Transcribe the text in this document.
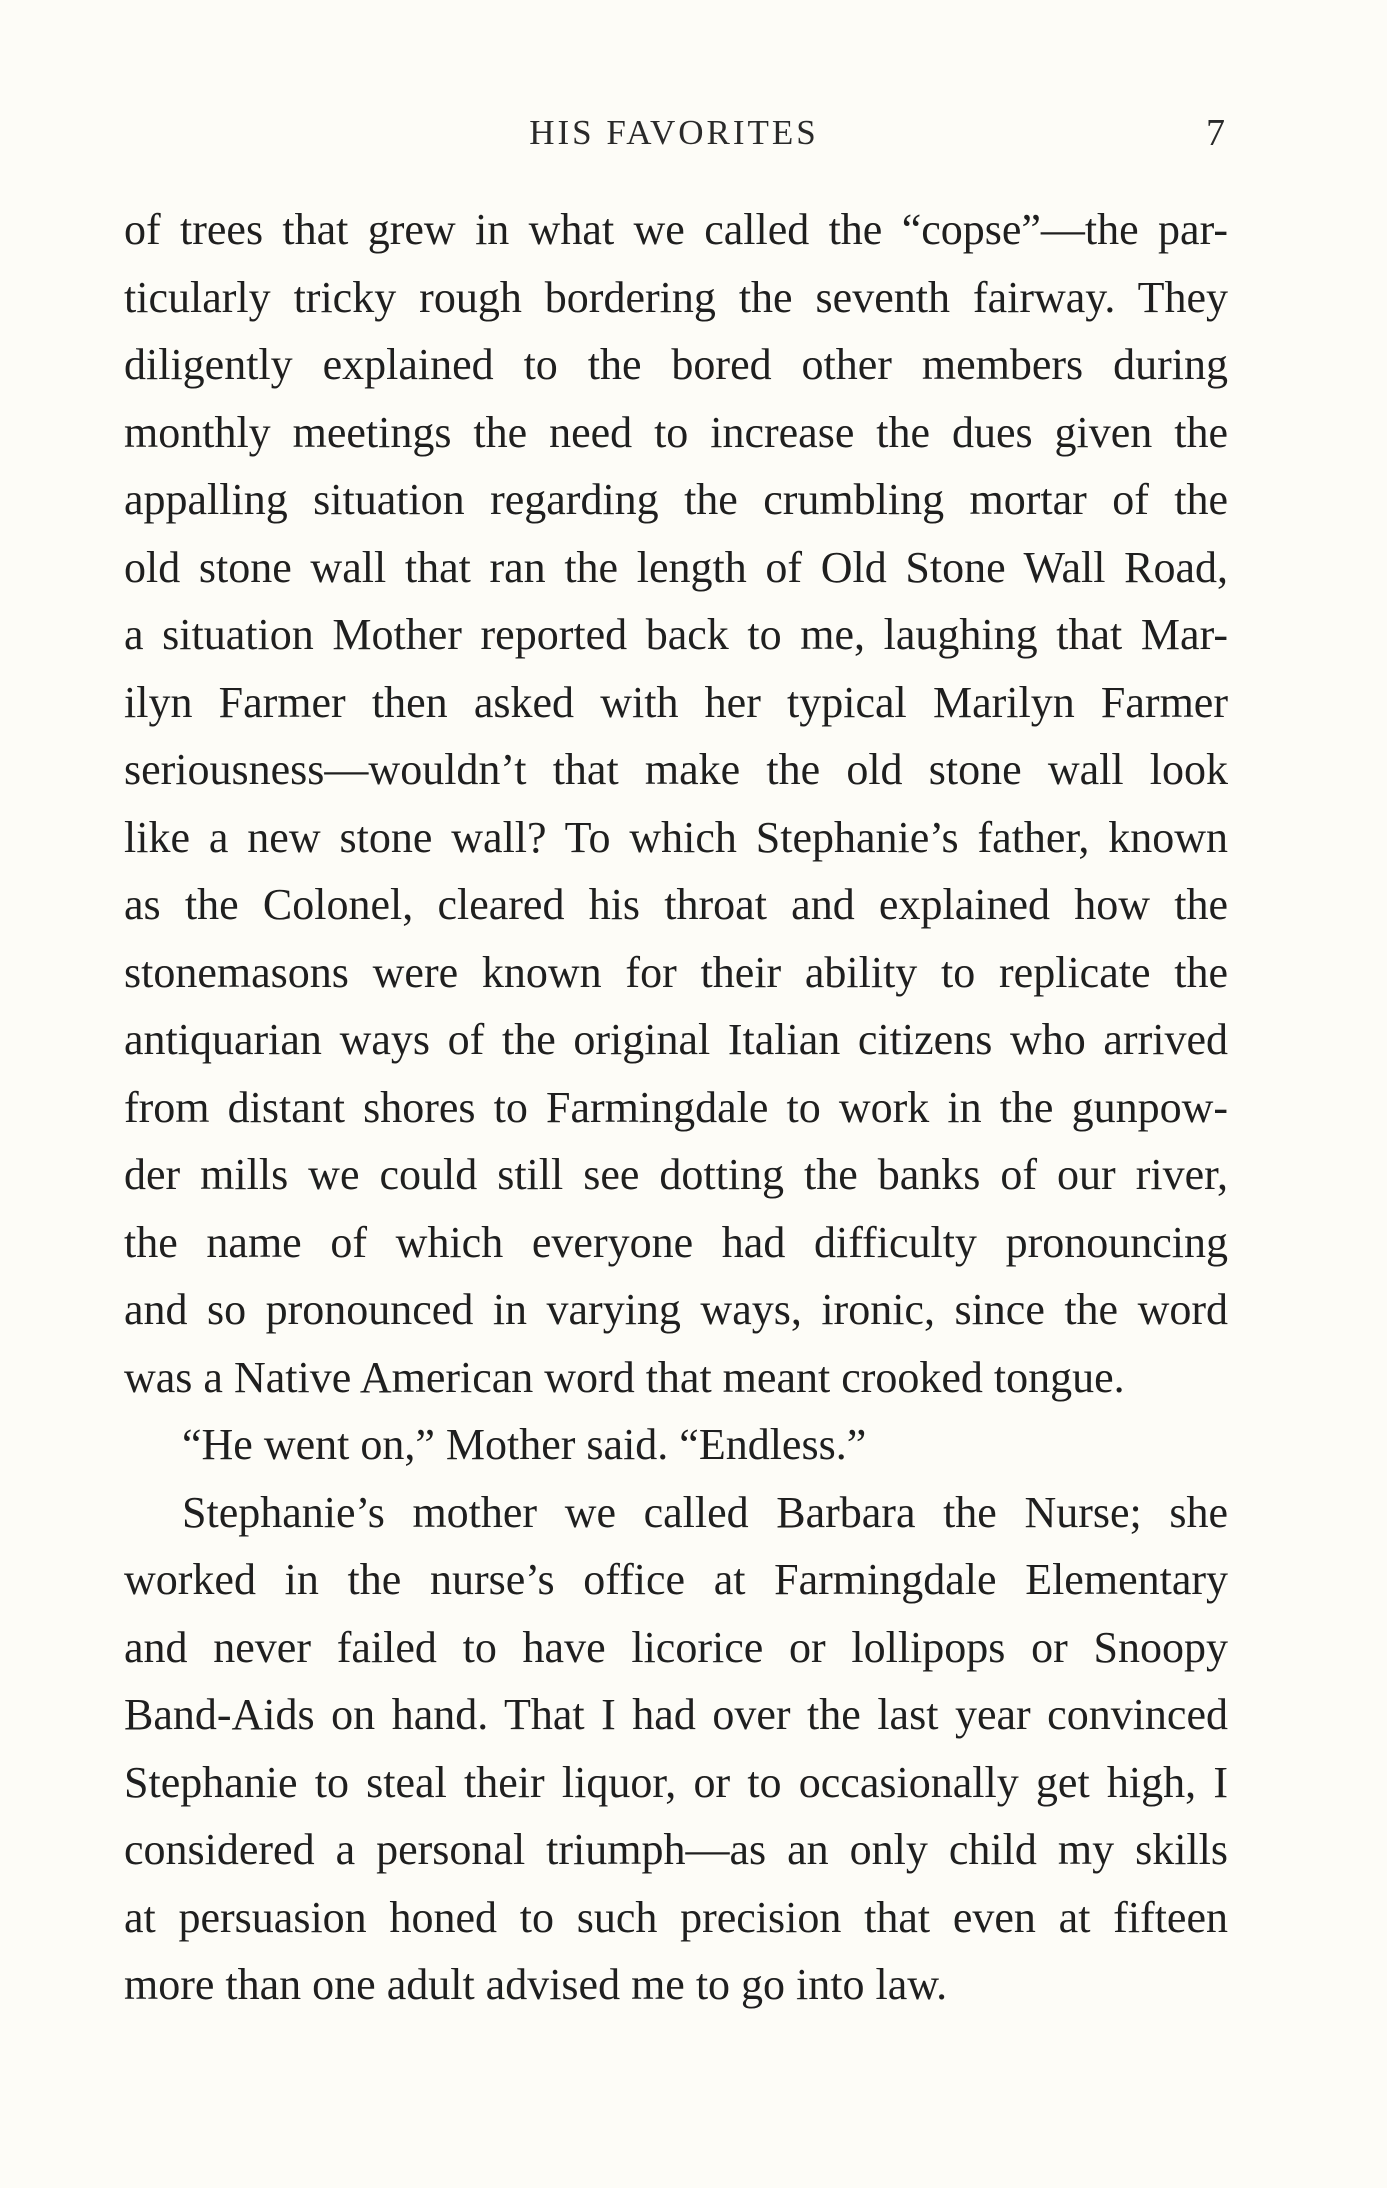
HIS FAVORITES	7
of trees that grew in what we called the “copse”—the par-
ticularly tricky rough bordering the seventh fairway. They
diligently explained to the bored other members during
monthly meetings the need to increase the dues given the
appalling situation regarding the crumbling mortar of the
old stone wall that ran the length of Old Stone Wall Road,
a situation Mother reported back to me, laughing that Mar-
ilyn Farmer then asked with her typical Marilyn Farmer
seriousness—wouldn’t that make the old stone wall look
like a new stone wall? To which Stephanie’s father, known
as the Colonel, cleared his throat and explained how the
stonemasons were known for their ability to replicate the
antiquarian ways of the original Italian citizens who arrived
from distant shores to Farmingdale to work in the gunpow-
der mills we could still see dotting the banks of our river,
the name of which everyone had difficulty pronouncing
and so pronounced in varying ways, ironic, since the word
was a Native American word that meant crooked tongue.
“He went on,” Mother said. “Endless.”
Stephanie’s mother we called Barbara the Nurse; she
worked in the nurse’s office at Farmingdale Elementary
and never failed to have licorice or lollipops or Snoopy
Band-Aids on hand. That I had over the last year convinced
Stephanie to steal their liquor, or to occasionally get high, I
considered a personal triumph—as an only child my skills
at persuasion honed to such precision that even at fifteen
more than one adult advised me to go into law.
